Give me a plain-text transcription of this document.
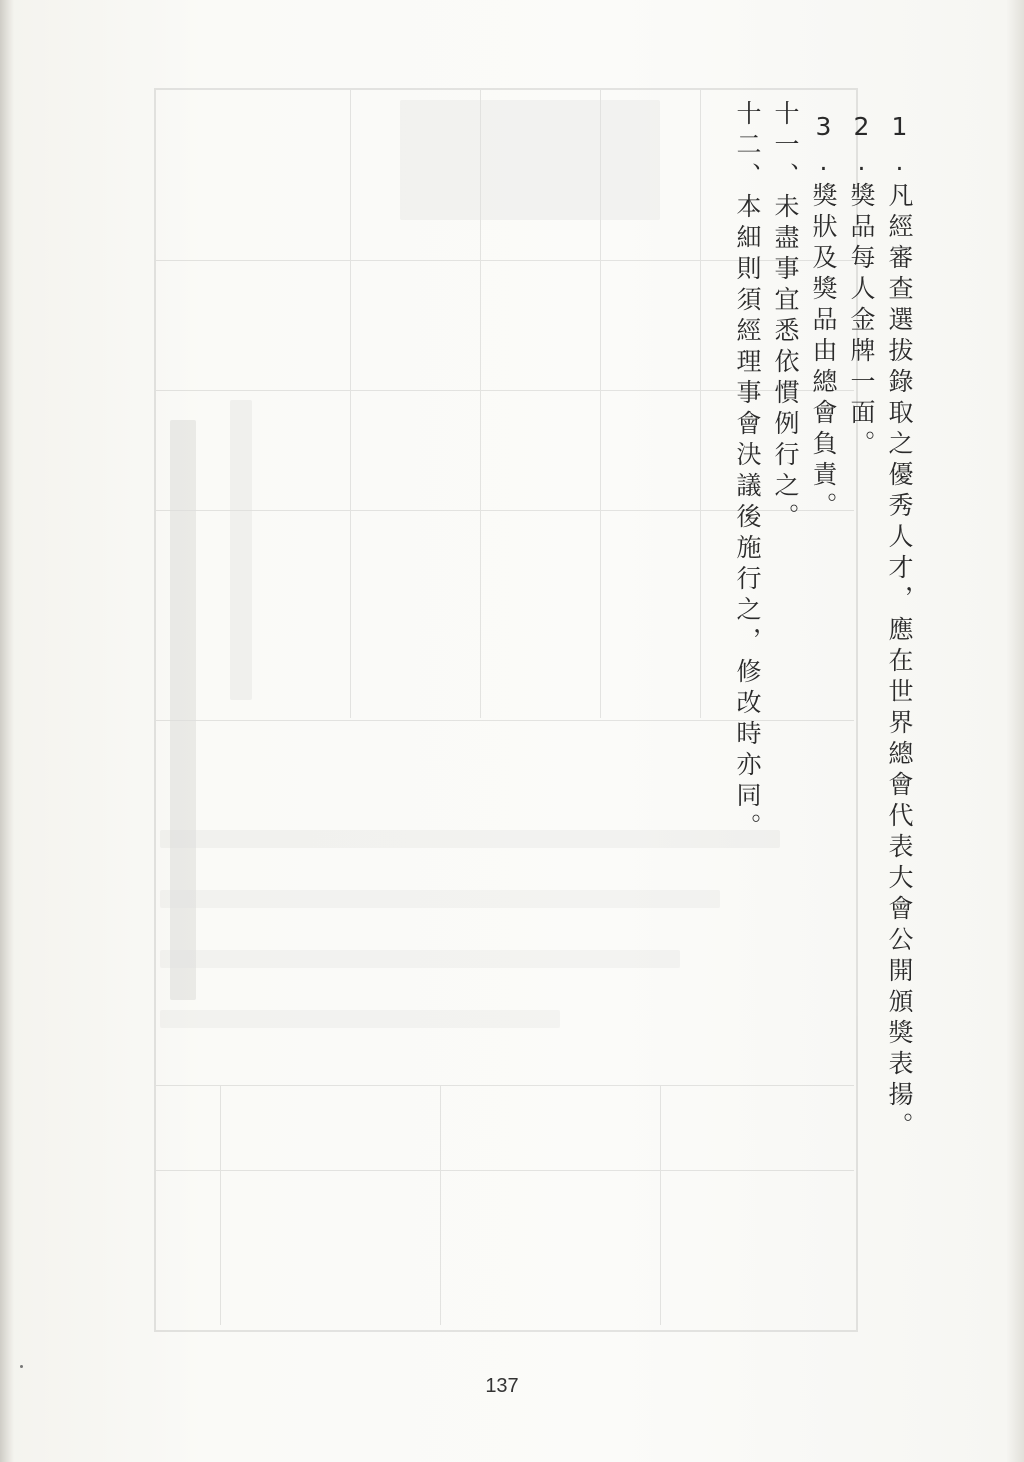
1.凡經審查選拔錄取之優秀人才，應在世界總會代表大會公開頒獎表揚。
2.獎品每人金牌一面。
3.獎狀及獎品由總會負責。
十一、未盡事宜悉依慣例行之。
十二、本細則須經理事會決議後施行之，修改時亦同。
137
